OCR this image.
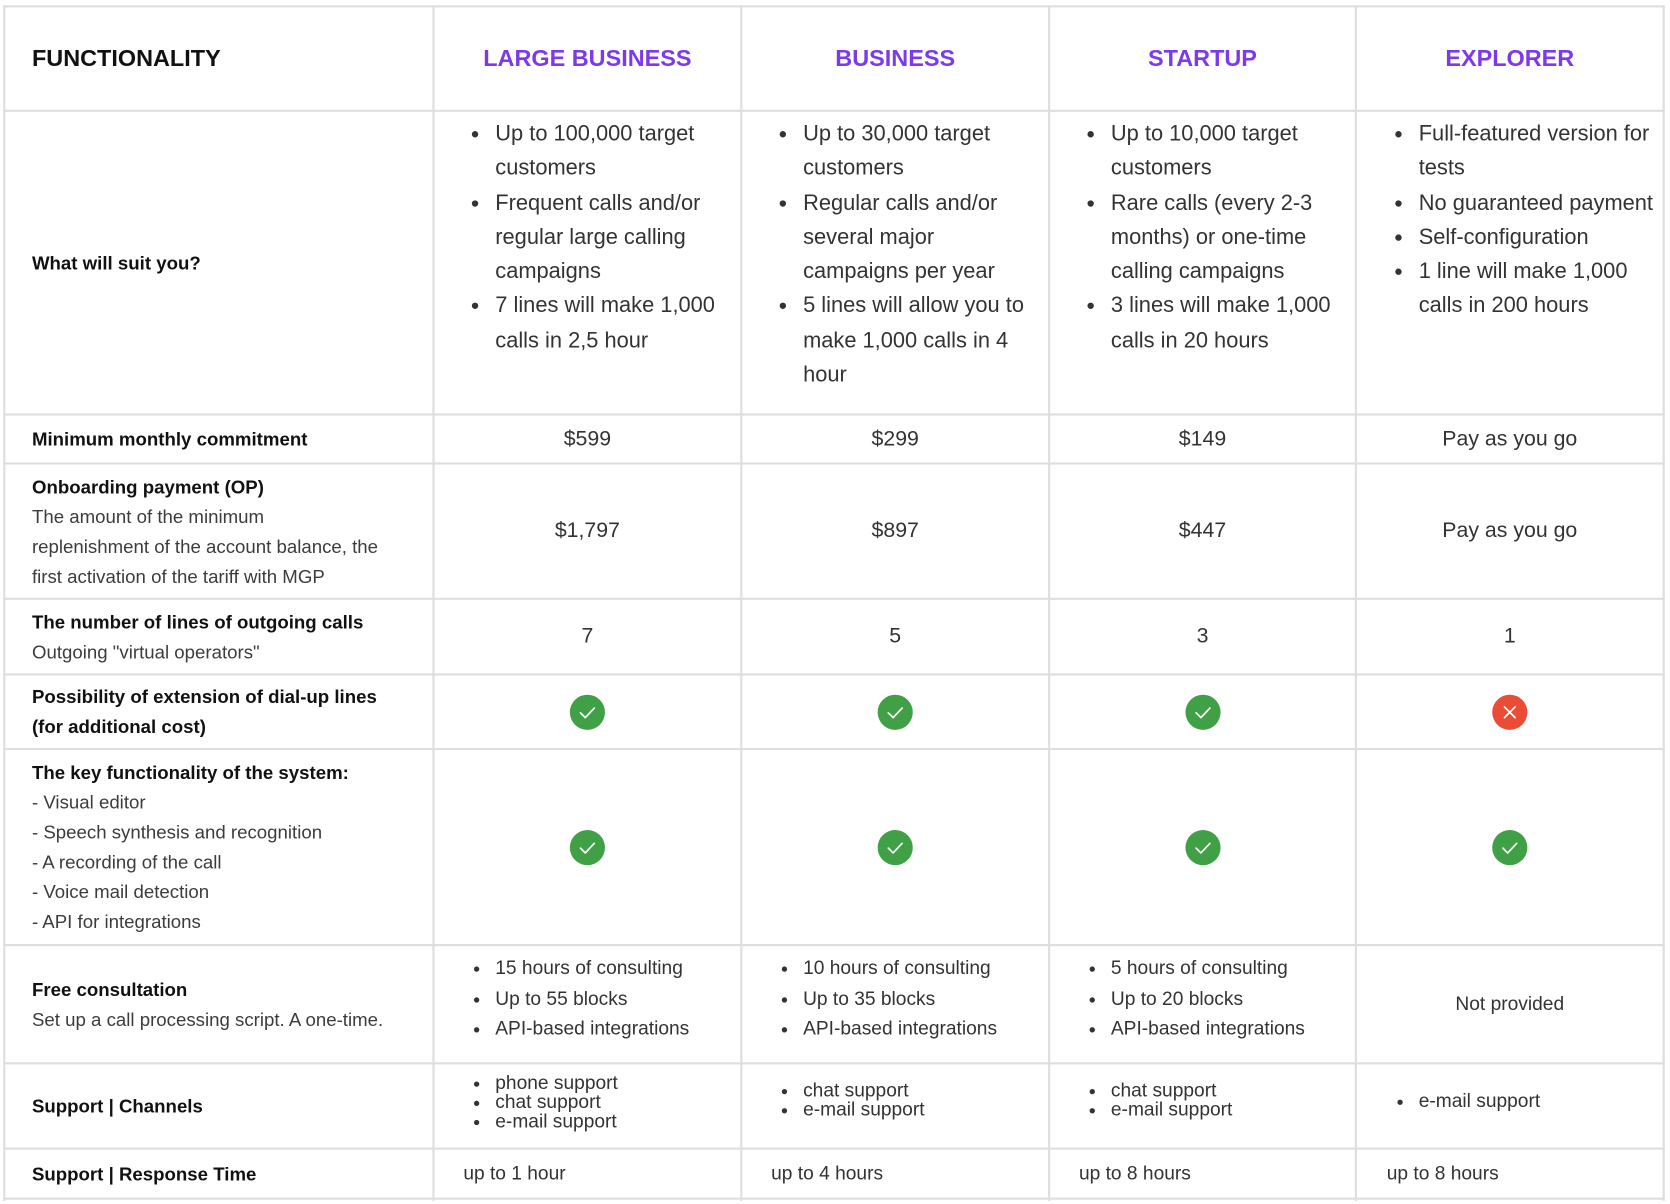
FUNCTIONALITY	LARGE BUSINESS	BUSINESS	STARTUP	EXPLORER
What will suit you?
• Up to 100,000 target customers
• Frequent calls and/or regular large calling campaigns
• 7 lines will make 1,000 calls in 2,5 hour
• Up to 30,000 target customers
• Regular calls and/or several major campaigns per year
• 5 lines will allow you to make 1,000 calls in 4 hour
• Up to 10,000 target customers
• Rare calls (every 2-3 months) or one-time calling campaigns
• 3 lines will make 1,000 calls in 20 hours
• Full-featured version for tests
• No guaranteed payment
• Self-configuration
• 1 line will make 1,000 calls in 200 hours
Minimum monthly commitment	$599	$299	$149	Pay as you go
Onboarding payment (OP)
The amount of the minimum
replenishment of the account balance, the
first activation of the tariff with MGP
$1,797	$897	$447	Pay as you go
The number of lines of outgoing calls
Outgoing "virtual operators"
7	5	3	1
Possibility of extension of dial-up lines
(for additional cost)
The key functionality of the system:
- Visual editor
- Speech synthesis and recognition
- A recording of the call
- Voice mail detection
- API for integrations
Free consultation
Set up a call processing script. A one-time.
• 15 hours of consulting
• Up to 55 blocks
• API-based integrations
• 10 hours of consulting
• Up to 35 blocks
• API-based integrations
• 5 hours of consulting
• Up to 20 blocks
• API-based integrations
Not provided
Support | Channels
• phone support
• chat support
• e-mail support
• chat support
• e-mail support
• chat support
• e-mail support
•	e-mail support
Support | Response Time	up to 1 hour	up to 4 hours	up to 8 hours	up to 8 hours
